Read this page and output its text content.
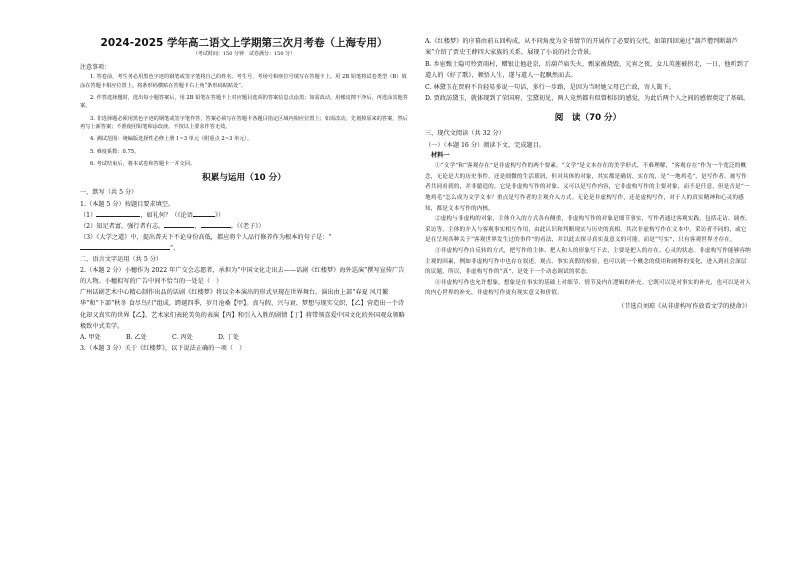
2024-2025 学年高二语文上学期第三次月考卷（上海专用）
（考试时间：150 分钟　试卷满分：150 分）
注意事项：
1. 答卷前，考生务必用黑色字迹的钢笔或签字笔将自己的姓名、考生号、考场号和座位号填写在答题卡上。用 2B 铅笔将试卷类型（B）填涂在答题卡相应位置上。将条形码横贴在答题卡右上角“条形码粘贴处”。
2. 作答选择题时，选出每小题答案后，用 2B 铅笔在答题卡上对应题目选项的答案信息点涂黑；如需改动，用橡皮擦干净后，再选涂其他答案。
3. 非选择题必须用黑色字迹的钢笔或签字笔作答，答案必须写在答题卡各题目指定区域内相应位置上；如需改动，先划掉原来的答案，然后再写上新答案；不准使用铅笔和涂改液。不按以上要求作答无效。
4. 测试范围：统编版选择性必修上册 1~3 单元（附重点 2~3 单元）。
5. 难度系数：0.75。
6. 考试结束后，将本试卷和答题卡一并交回。
积累与运用（10 分）
一、默写（共 5 分）
1.（本题 5 分）按题目要求填空。
（1）	，如礼何？（《论语	》）
（2）知足者富，强行者有志。	，	。（《老子》）
（3）《大学之道》中，提出普天下不论身份高低，都应将个人品行修养作为根本的句子是：“”。
二、语言文字运用（共 5 分）
2.（本题 2 分）小穗作为 2022 年广交会志愿者，承担为“中国文化走出去——话剧《红楼梦》海外巡演”撰写宣传广告的人物。小穗拟写的广告中间不恰当的一处是（　）
广州话剧艺术中心精心制作出品的话剧《红楼梦》将以全本演出的形式呈现在世界舞台。演出由上部“春夏 风月繁华”和“下部”秋冬 食尽鸟归”组成，跨越四季，岁月沧桑【甲】。真与假、兴与衰、梦想与现实交织，【乙】营造出一个诗化却又真实的世界【乙】。艺术家们表轮美奂的表演【丙】和引入入胜的剧情【丁】将带领喜爱中国文化的外国观众领略极致中式美学。
A. 甲处	B. 乙处	C. 丙处	D. 丁处
3.（本题 3 分）关于《红楼梦》，以下说法正确的一项（　）
A.《红楼梦》的序幕由前五回构成，从不同角度为全书情节的开展作了必要的交代，如第四回通过“葫芦僧判断葫芦案”介绍了贾史王薛四大家族的关系，展现了小说的社会背景。
B. 乡宦甄士隐可怜贾雨村，赠银让他赴京，后葫芦庙失火，甄家被烧毁，元宵之夜，女儿英莲被拐走，一日，他听到了道人的《好了歌》，顿悟人生，遂与道人一起飘然而去。
C. 林黛玉在贾府不肯轻易多说一句话，多行一步路，是因为当时她父母已亡故，寄人篱下。
D. 贾政訪黛玉，就体现到了荣国府，宝黛初见，两人竟然都有似曾相识的感觉，为此后两个人之间的感情奠定了基础。
阅　读（70 分）
三、现代文阅读（共 32 分）
（一）（本题 16 分）阅读下文，完成题目。
材料一
①“文学”和“客观存在”是非虚构写作的两个要素。“文学”是文本存在的美学形式，不难理解，“客观存在”作为一个宽泛的概念，无论是大的历史事件，还是细微的生活琐屑，但对具体的对象，其实都是确切、实在的，是“一地鸡毛”，是写作者、被写作者共同看到的，并非臆造的。它是非虚构写作的对象、又可以是写作内容，它非虚构写作的主要对象，而不是任意，但是否是“一地鸡毛”怎么成为文学文本？重点是写作者的主观介入方式。无论是非虚构写作，还是虚构写作，对于人的真实精神和心灵的感知，都是文本写作的内核。
②虚构与非虚构的对象，主体介入的方式各有侧重，非虚构写作的对象是细节事实，写作者通过客观实践，包括走访、调查、采访等，主体的介入与客观事实相互作用，由此认识和判断现实与历史的真相。其次非虚构写作在文本中，采访者不同的，或它是在呈现各种关于“客观世界发生过的事件”的看法，并以此去探寻真实及意义的可能。而是“写实”，只有客观世界才存在。
③非虚构写作自反转的方式，把写作的主体、把人和人的形象写下去，主要是把人的存在、心灵的状态。非虚构写作能够容纳主观的因素，例如非虚构写作中也存在叙述，观点、事实真假的检验，也可以就一个概念的使用和阐释的变化，进入到社会深层的议题，所以，非虚构写作的“真”，是处于一个动态调试的状态。
④非虚构写作也允许想象，想象是在事实的基础上对细节、情节及内在逻辑的补充。它既可以是对事实的补充，也可以是对人的内心世界的补充，非虚构写作更有现实意义和价值。
（节选自刘琼《从非虚构写作放看文学的使命》）
